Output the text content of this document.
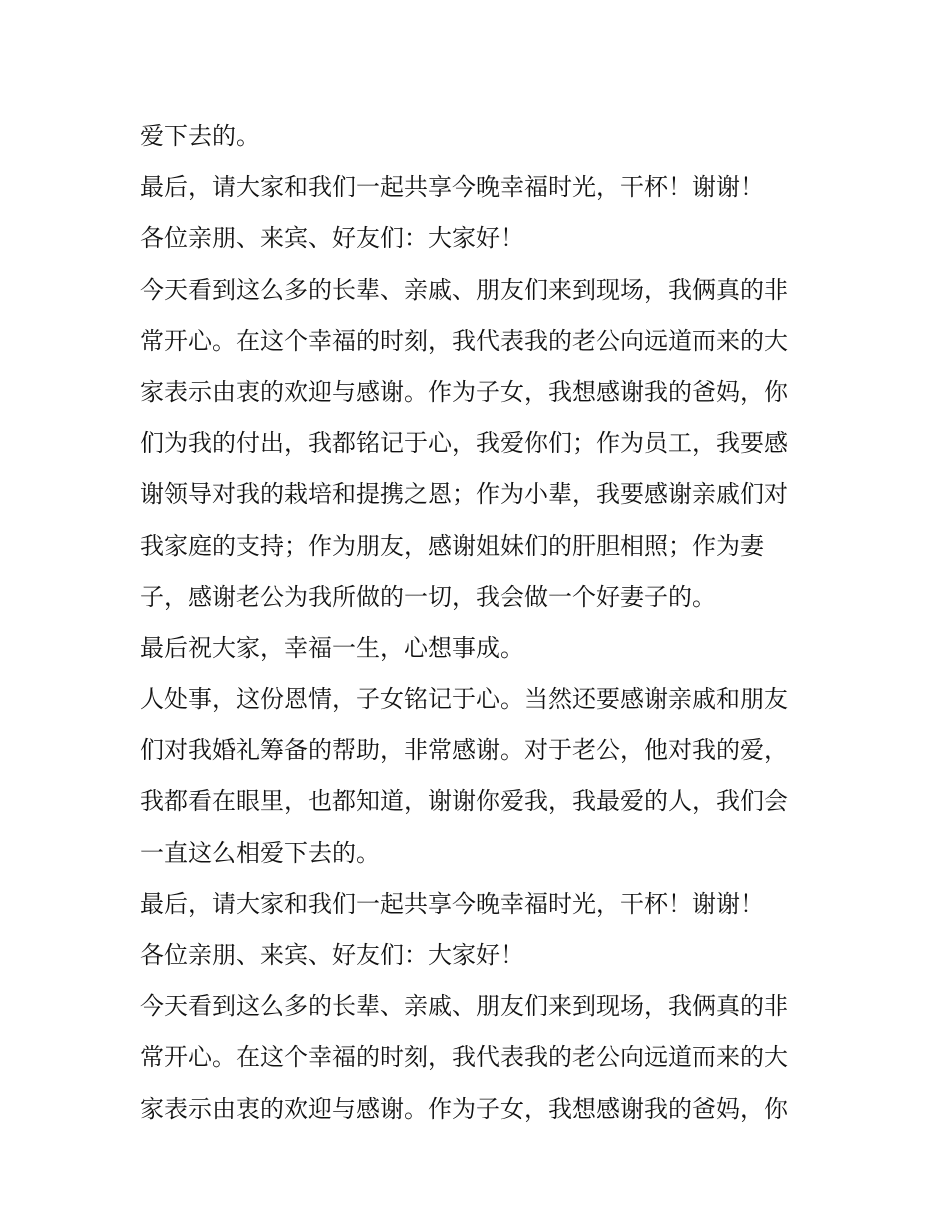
爱下去的。

最后，请大家和我们一起共享今晚幸福时光，干杯！谢谢！

各位亲朋、来宾、好友们：大家好！

今天看到这么多的长辈、亲戚、朋友们来到现场，我俩真的非

常开心。在这个幸福的时刻，我代表我的老公向远道而来的大

家表示由衷的欢迎与感谢。作为子女，我想感谢我的爸妈，你

们为我的付出，我都铭记于心，我爱你们；作为员工，我要感

谢领导对我的栽培和提携之恩；作为小辈，我要感谢亲戚们对

我家庭的支持；作为朋友，感谢姐妹们的肝胆相照；作为妻

子，感谢老公为我所做的一切，我会做一个好妻子的。

最后祝大家，幸福一生，心想事成。

人处事，这份恩情，子女铭记于心。当然还要感谢亲戚和朋友

们对我婚礼筹备的帮助，非常感谢。对于老公，他对我的爱，

我都看在眼里，也都知道，谢谢你爱我，我最爱的人，我们会

一直这么相爱下去的。

最后，请大家和我们一起共享今晚幸福时光，干杯！谢谢！

各位亲朋、来宾、好友们：大家好！

今天看到这么多的长辈、亲戚、朋友们来到现场，我俩真的非

常开心。在这个幸福的时刻，我代表我的老公向远道而来的大

家表示由衷的欢迎与感谢。作为子女，我想感谢我的爸妈，你
